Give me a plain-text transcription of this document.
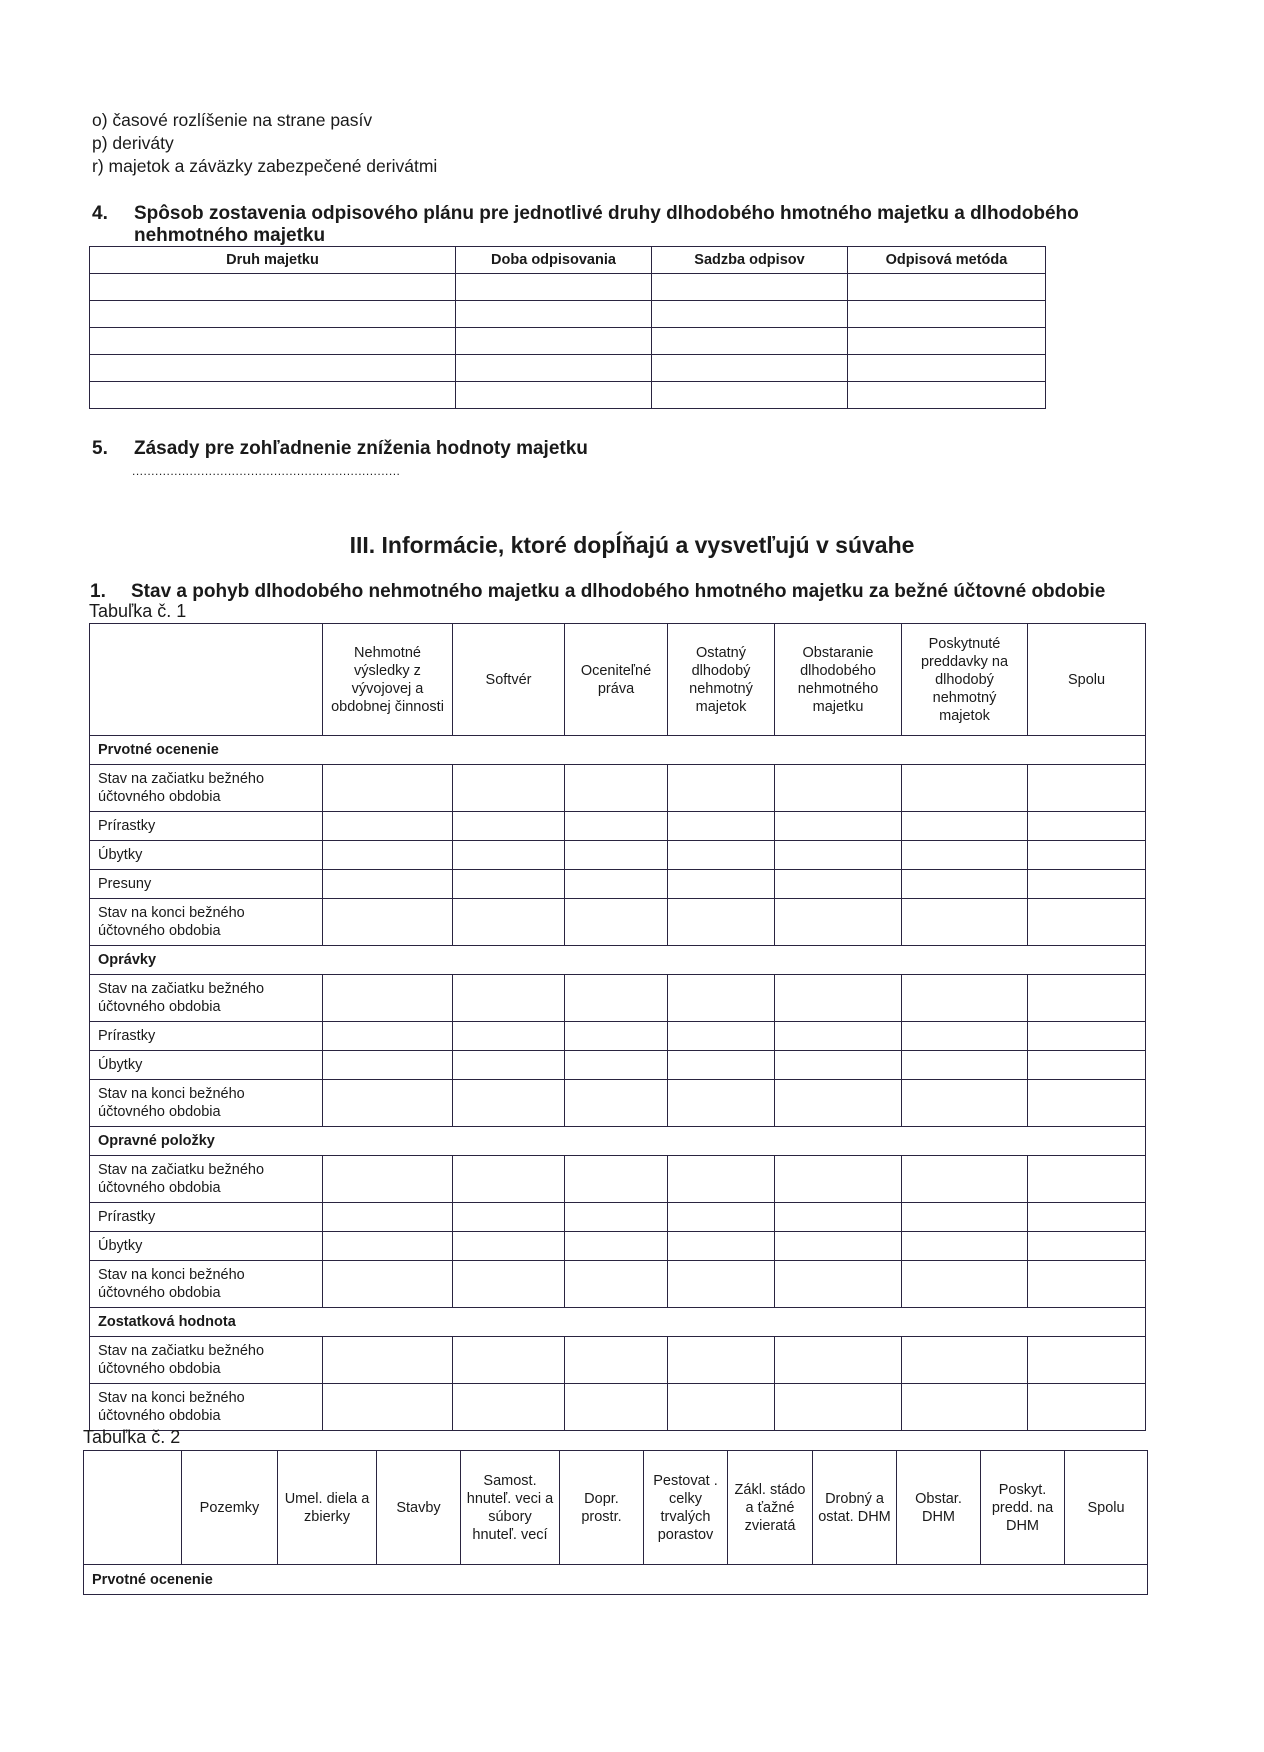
o) časové rozlíšenie na strane pasív
p) deriváty
r) majetok a záväzky zabezpečené derivátmi
4. Spôsob zostavenia odpisového plánu pre jednotlivé druhy dlhodobého hmotného majetku a dlhodobého
nehmotného majetku
Druh majetku	Doba odpisovania	Sadzba odpisov	Odpisová metóda

5. Zásady pre zohľadnenie zníženia hodnoty majetku
......................................................................
III. Informácie, ktoré dopĺňajú a vysvetľujú v súvahe
1. Stav a pohyb dlhodobého nehmotného majetku a dlhodobého hmotného majetku za bežné účtovné obdobie
Tabuľka č. 1
	Nehmotné výsledky z vývojovej a obdobnej činnosti	Softvér	Oceniteľné práva	Ostatný dlhodobý nehmotný majetok	Obstaranie dlhodobého nehmotného majetku	Poskytnuté preddavky na dlhodobý nehmotný majetok	Spolu
Prvotné ocenenie							
Stav na začiatku bežného účtovného obdobia							
Prírastky							
Úbytky							
Presuny							
Stav na konci bežného účtovného obdobia							
Oprávky							
Stav na začiatku bežného účtovného obdobia							
Prírastky							
Úbytky							
Stav na konci bežného účtovného obdobia							
Opravné položky							
Stav na začiatku bežného účtovného obdobia							
Prírastky							
Úbytky							
Stav na konci bežného účtovného obdobia							
Zostatková hodnota							
Stav na začiatku bežného účtovného obdobia							
Stav na konci bežného účtovného obdobia							
Tabuľka č. 2
	Pozemky	Umel. diela a zbierky	Stavby	Samost. hnuteľ. veci a súbory hnuteľ. vecí	Dopr. prostr.	Pestovat . celky trvalých porastov	Zákl. stádo a ťažné zvieratá	Drobný a ostat. DHM	Obstar. DHM	Poskyt. predd. na DHM	Spolu
Prvotné ocenenie
